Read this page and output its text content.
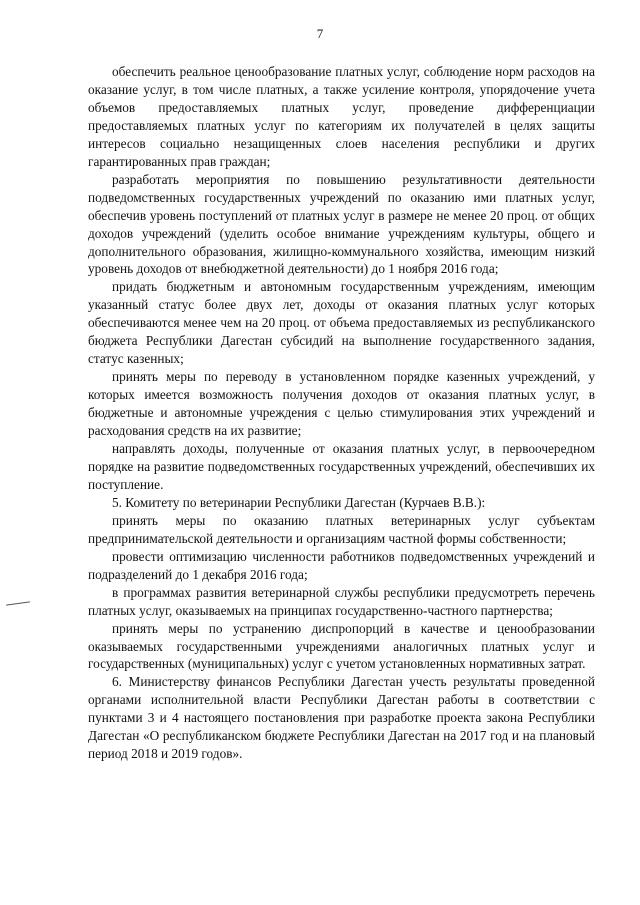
7

обеспечить реальное ценообразование платных услуг, соблюдение норм расходов на оказание услуг, в том числе платных, а также усиление контроля, упорядочение учета объемов предоставляемых платных услуг, проведение дифференциации предоставляемых платных услуг по категориям их получателей в целях защиты интересов социально незащищенных слоев населения республики и других гарантированных прав граждан;

разработать мероприятия по повышению результативности деятельности подведомственных государственных учреждений по оказанию ими платных услуг, обеспечив уровень поступлений от платных услуг в размере не менее 20 проц. от общих доходов учреждений (уделить особое внимание учреждениям культуры, общего и дополнительного образования, жилищно-коммунального хозяйства, имеющим низкий уровень доходов от внебюджетной деятельности) до 1 ноября 2016 года;

придать бюджетным и автономным государственным учреждениям, имеющим указанный статус более двух лет, доходы от оказания платных услуг которых обеспечиваются менее чем на 20 проц. от объема предоставляемых из республиканского бюджета Республики Дагестан субсидий на выполнение государственного задания, статус казенных;

принять меры по переводу в установленном порядке казенных учреждений, у которых имеется возможность получения доходов от оказания платных услуг, в бюджетные и автономные учреждения с целью стимулирования этих учреждений и расходования средств на их развитие;

направлять доходы, полученные от оказания платных услуг, в первоочередном порядке на развитие подведомственных государственных учреждений, обеспечивших их поступление.

5. Комитету по ветеринарии Республики Дагестан (Курчаев В.В.):

принять меры по оказанию платных ветеринарных услуг субъектам предпринимательской деятельности и организациям частной формы собственности;

провести оптимизацию численности работников подведомственных учреждений и подразделений до 1 декабря 2016 года;

в программах развития ветеринарной службы республики предусмотреть перечень платных услуг, оказываемых на принципах государственно-частного партнерства;

принять меры по устранению диспропорций в качестве и ценообразовании оказываемых государственными учреждениями аналогичных платных услуг и государственных (муниципальных) услуг с учетом установленных нормативных затрат.

6. Министерству финансов Республики Дагестан учесть результаты проведенной органами исполнительной власти Республики Дагестан работы в соответствии с пунктами 3 и 4 настоящего постановления при разработке проекта закона Республики Дагестан «О республиканском бюджете Республики Дагестан на 2017 год и на плановый период 2018 и 2019 годов».
